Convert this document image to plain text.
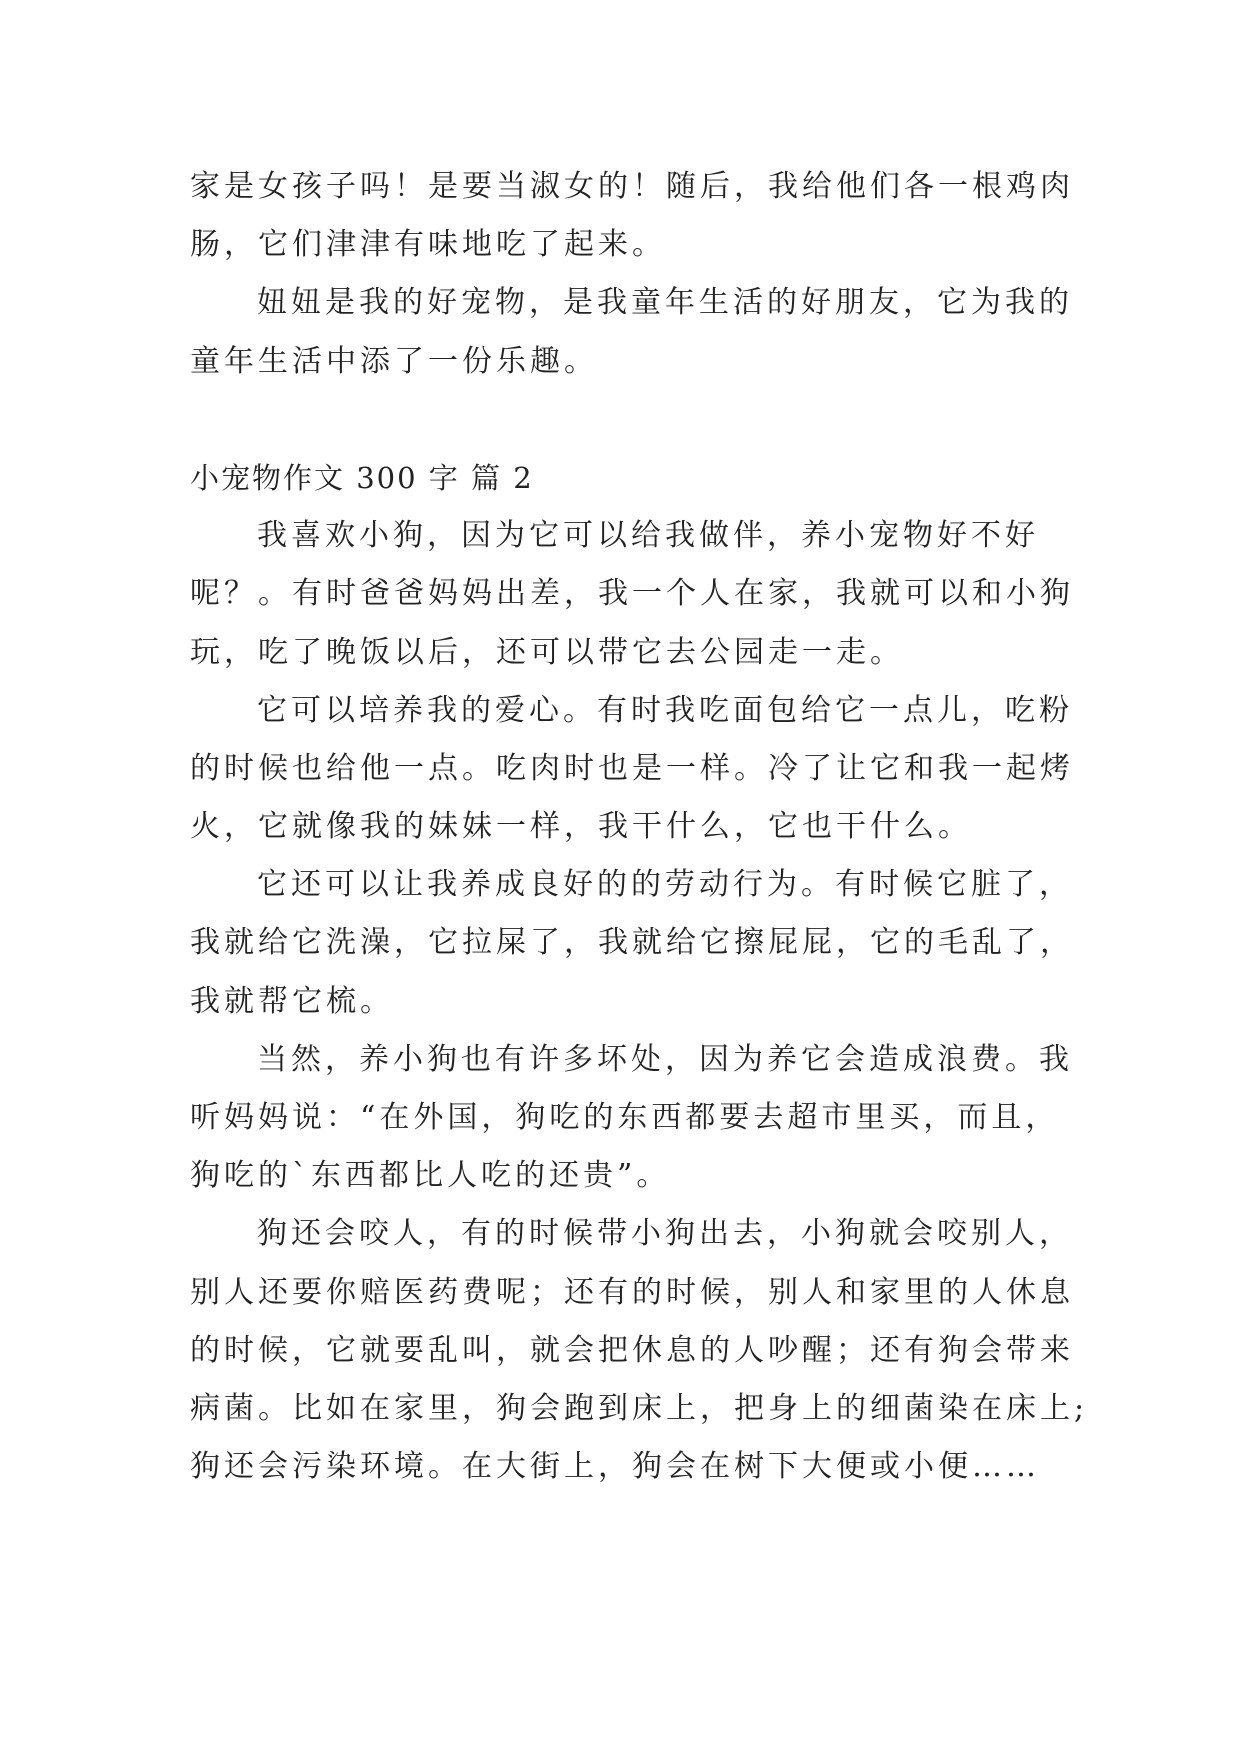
家是女孩子吗！是要当淑女的！随后，我给他们各一根鸡肉
肠，它们津津有味地吃了起来。
妞妞是我的好宠物，是我童年生活的好朋友，它为我的
童年生活中添了一份乐趣。
小宠物作文 300 字 篇 2
我喜欢小狗，因为它可以给我做伴，养小宠物好不好
呢？。有时爸爸妈妈出差，我一个人在家，我就可以和小狗
玩，吃了晚饭以后，还可以带它去公园走一走。
它可以培养我的爱心。有时我吃面包给它一点儿，吃粉
的时候也给他一点。吃肉时也是一样。冷了让它和我一起烤
火，它就像我的妹妹一样，我干什么，它也干什么。
它还可以让我养成良好的的劳动行为。有时候它脏了，
我就给它洗澡，它拉屎了，我就给它擦屁屁，它的毛乱了，
我就帮它梳。
当然，养小狗也有许多坏处，因为养它会造成浪费。我
听妈妈说：“在外国，狗吃的东西都要去超市里买，而且，
狗吃的`东西都比人吃的还贵”。
狗还会咬人，有的时候带小狗出去，小狗就会咬别人，
别人还要你赔医药费呢；还有的时候，别人和家里的人休息
的时候，它就要乱叫，就会把休息的人吵醒；还有狗会带来
病菌。比如在家里，狗会跑到床上，把身上的细菌染在床上;
狗还会污染环境。在大街上，狗会在树下大便或小便……
